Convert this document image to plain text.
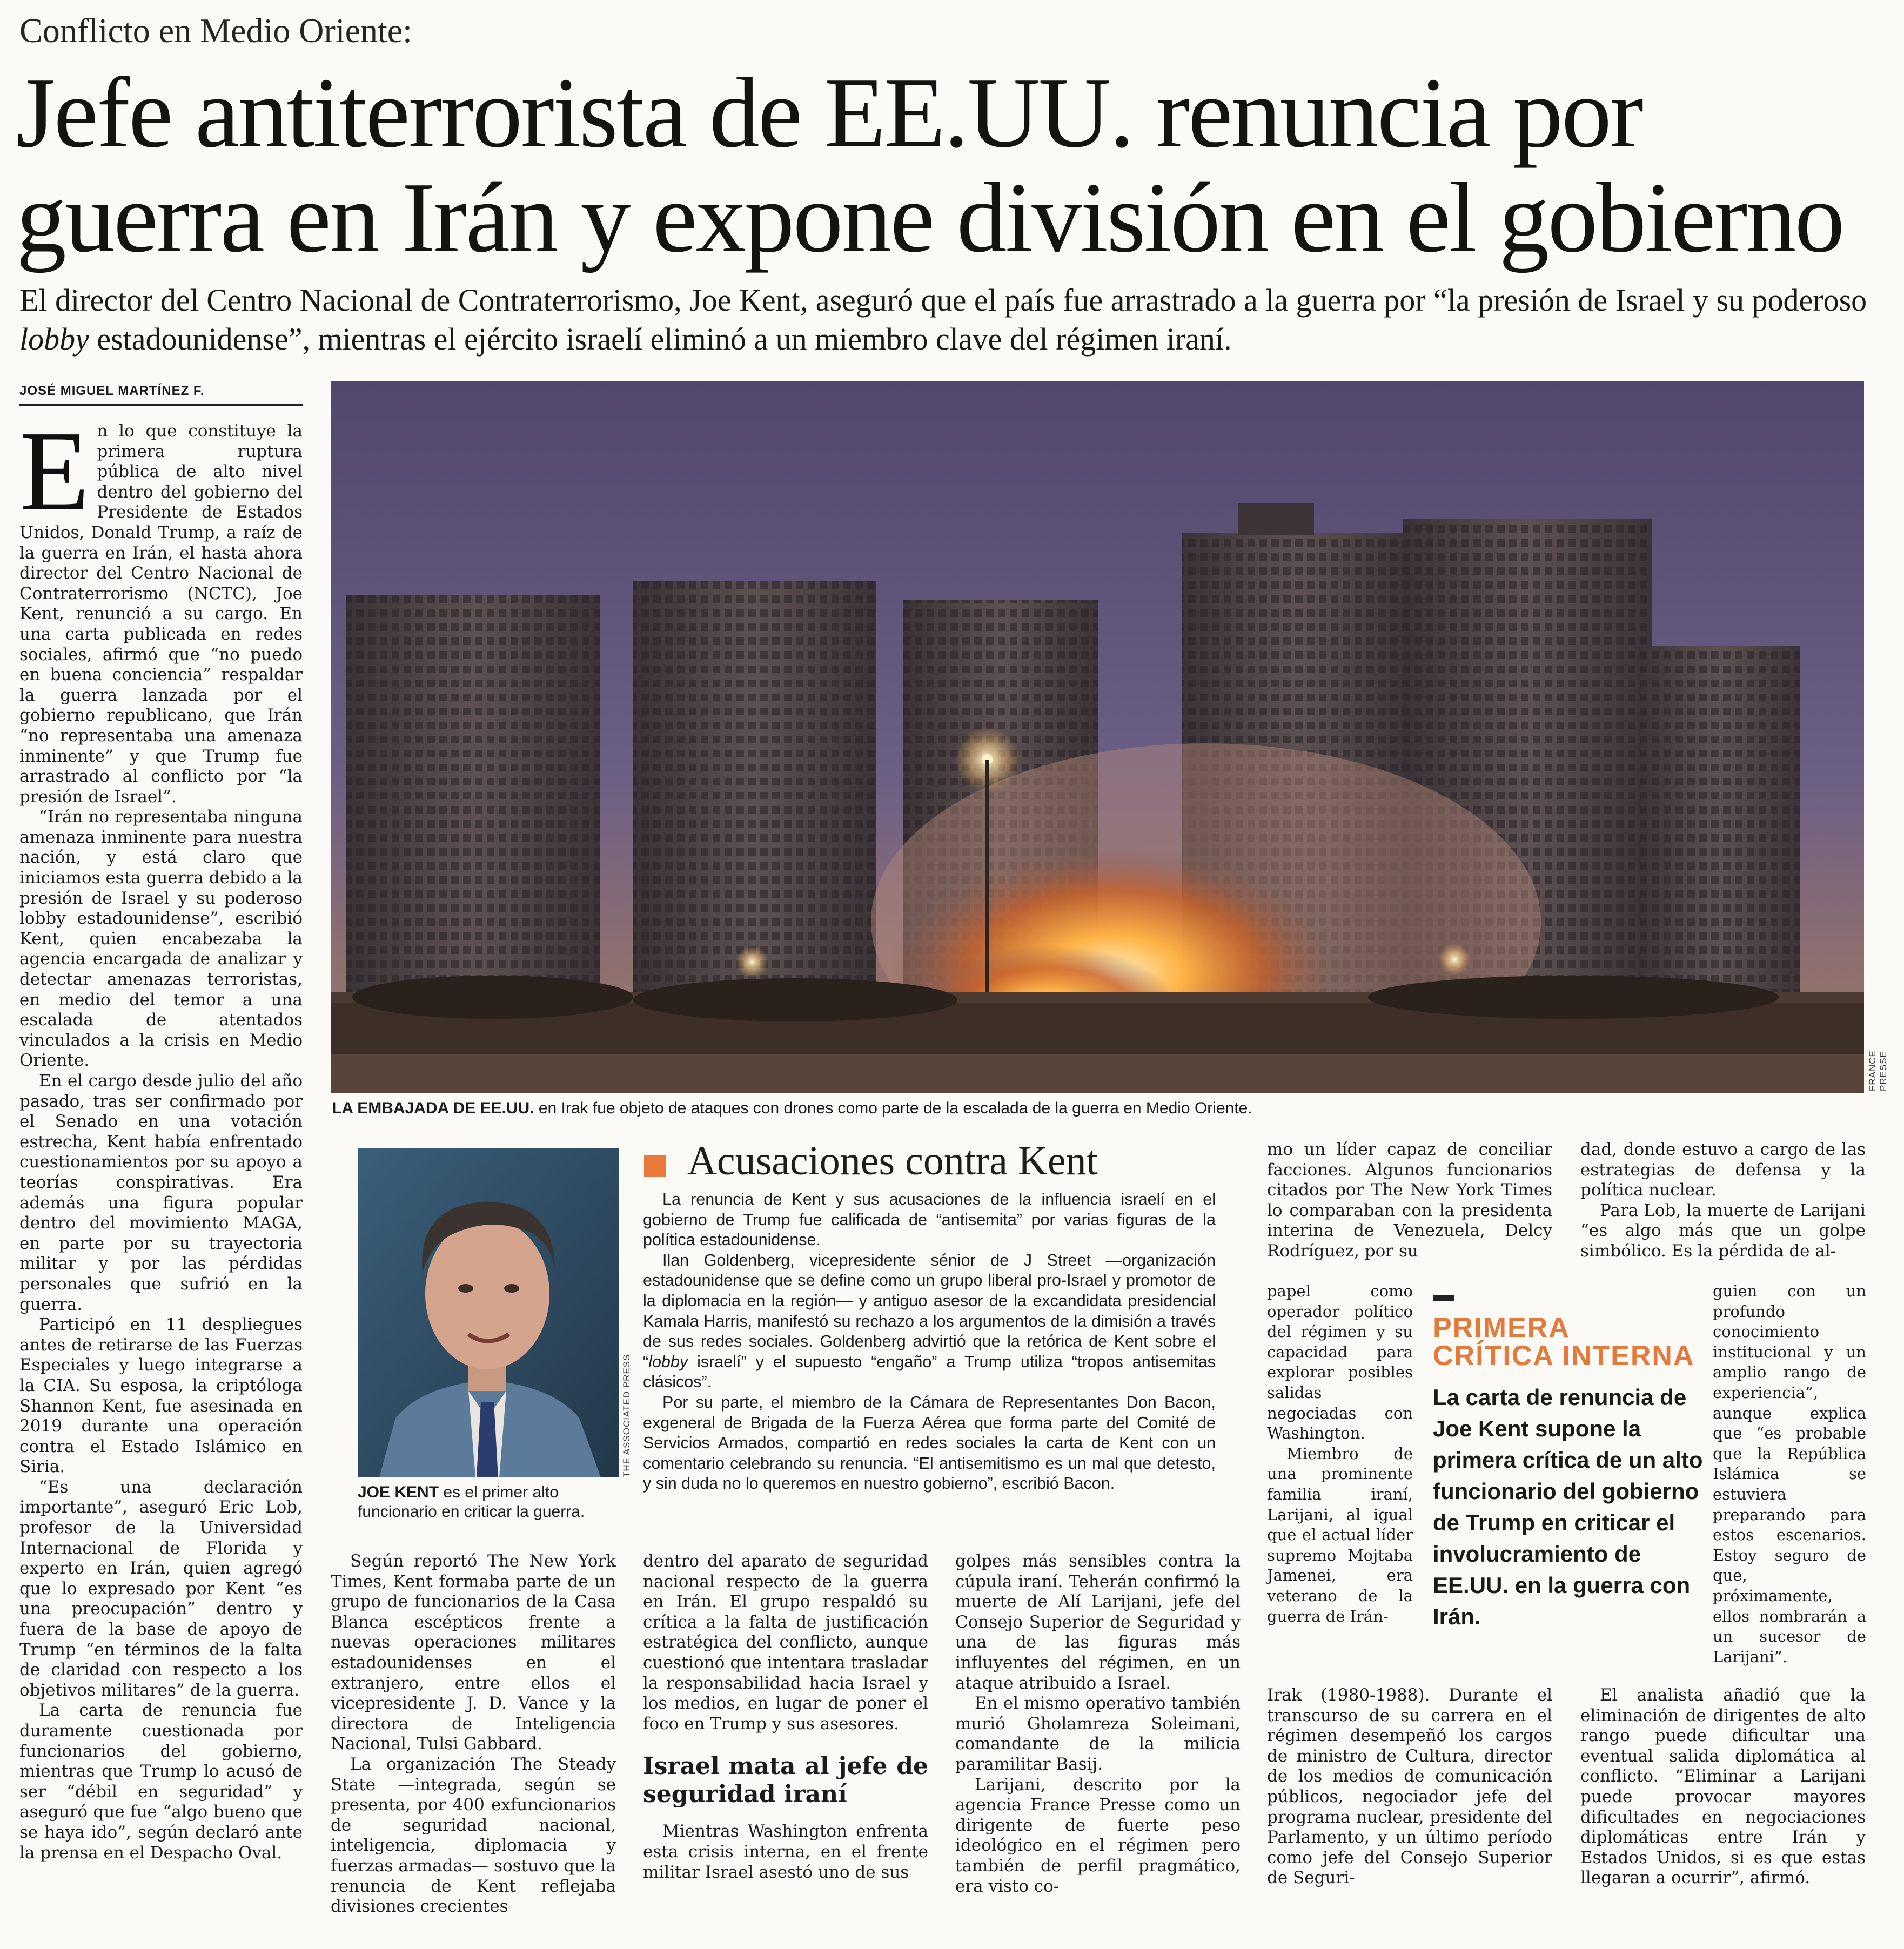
Conflicto en Medio Oriente:
Jefe antiterrorista de EE.UU. renuncia por guerra en Irán y expone división en el gobierno
El director del Centro Nacional de Contraterrorismo, Joe Kent, aseguró que el país fue arrastrado a la guerra por “la presión de Israel y su poderoso lobby estadounidense”, mientras el ejército israelí eliminó a un miembro clave del régimen iraní.
JOSÉ MIGUEL MARTÍNEZ F.

En lo que constituye la primera ruptura pública de alto nivel dentro del gobierno del Presidente de Estados Unidos, Donald Trump, a raíz de la guerra en Irán, el hasta ahora director del Centro Nacional de Contraterrorismo (NCTC), Joe Kent, renunció a su cargo. En una carta publicada en redes sociales, afirmó que “no puedo en buena conciencia” respaldar la guerra lanzada por el gobierno republicano, que Irán “no representaba una amenaza inminente” y que Trump fue arrastrado al conflicto por “la presión de Israel”.

“Irán no representaba ninguna amenaza inminente para nuestra nación, y está claro que iniciamos esta guerra debido a la presión de Israel y su poderoso lobby estadounidense”, escribió Kent, quien encabezaba la agencia encargada de analizar y detectar amenazas terroristas, en medio del temor a una escalada de atentados vinculados a la crisis en Medio Oriente.

En el cargo desde julio del año pasado, tras ser confirmado por el Senado en una votación estrecha, Kent había enfrentado cuestionamientos por su apoyo a teorías conspirativas. Era además una figura popular dentro del movimiento MAGA, en parte por su trayectoria militar y por las pérdidas personales que sufrió en la guerra.

Participó en 11 despliegues antes de retirarse de las Fuerzas Especiales y luego integrarse a la CIA. Su esposa, la criptóloga Shannon Kent, fue asesinada en 2019 durante una operación contra el Estado Islámico en Siria.

“Es una declaración importante”, aseguró Eric Lob, profesor de la Universidad Internacional de Florida y experto en Irán, quien agregó que lo expresado por Kent “es una preocupación” dentro y fuera de la base de apoyo de Trump “en términos de la falta de claridad con respecto a los objetivos militares” de la guerra.

La carta de renuncia fue duramente cuestionada por funcionarios del gobierno, mientras que Trump lo acusó de ser “débil en seguridad” y aseguró que fue “algo bueno que se haya ido”, según declaró ante la prensa en el Despacho Oval.

FRANCE PRESSE
LA EMBAJADA DE EE.UU. en Irak fue objeto de ataques con drones como parte de la escalada de la guerra en Medio Oriente.
THE ASSOCIATED PRESS
JOE KENT es el primer alto funcionario en criticar la guerra.
Acusaciones contra Kent

La renuncia de Kent y sus acusaciones de la influencia israelí en el gobierno de Trump fue calificada de “antisemita” por varias figuras de la política estadounidense.

Ilan Goldenberg, vicepresidente sénior de J Street —organización estadounidense que se define como un grupo liberal pro-Israel y promotor de la diplomacia en la región— y antiguo asesor de la excandidata presidencial Kamala Harris, manifestó su rechazo a los argumentos de la dimisión a través de sus redes sociales. Goldenberg advirtió que la retórica de Kent sobre el “lobby israelí” y el supuesto “engaño” a Trump utiliza “tropos antisemitas clásicos”.

Por su parte, el miembro de la Cámara de Representantes Don Bacon, exgeneral de Brigada de la Fuerza Aérea que forma parte del Comité de Servicios Armados, compartió en redes sociales la carta de Kent con un comentario celebrando su renuncia. “El antisemitismo es un mal que detesto, y sin duda no lo queremos en nuestro gobierno”, escribió Bacon.

Según reportó The New York Times, Kent formaba parte de un grupo de funcionarios de la Casa Blanca escépticos frente a nuevas operaciones militares estadounidenses en el extranjero, entre ellos el vicepresidente J. D. Vance y la directora de Inteligencia Nacional, Tulsi Gabbard.

La organización The Steady State —integrada, según se presenta, por 400 exfuncionarios de seguridad nacional, inteligencia, diplomacia y fuerzas armadas— sostuvo que la renuncia de Kent reflejaba divisiones crecientes

dentro del aparato de seguridad nacional respecto de la guerra en Irán. El grupo respaldó su crítica a la falta de justificación estratégica del conflicto, aunque cuestionó que intentara trasladar la responsabilidad hacia Israel y los medios, en lugar de poner el foco en Trump y sus asesores.

Israel mata al jefe de seguridad iraní

Mientras Washington enfrenta esta crisis interna, en el frente militar Israel asestó uno de sus

golpes más sensibles contra la cúpula iraní. Teherán confirmó la muerte de Alí Larijani, jefe del Consejo Superior de Seguridad y una de las figuras más influyentes del régimen, en un ataque atribuido a Israel.

En el mismo operativo también murió Gholamreza Soleimani, comandante de la milicia paramilitar Basij.

Larijani, descrito por la agencia France Presse como un dirigente de fuerte peso ideológico en el régimen pero también de perfil pragmático, era visto co-

mo un líder capaz de conciliar facciones. Algunos funcionarios citados por The New York Times lo comparaban con la presidenta interina de Venezuela, Delcy Rodríguez, por su

papel como operador político del régimen y su capacidad para explorar posibles salidas negociadas con Washington.

Miembro de una prominente familia iraní, Larijani, al igual que el actual líder supremo Mojtaba Jamenei, era veterano de la guerra de Irán-

Irak (1980-1988). Durante el transcurso de su carrera en el régimen desempeñó los cargos de ministro de Cultura, director de los medios de comunicación públicos, negociador jefe del programa nuclear, presidente del Parlamento, y un último período como jefe del Consejo Superior de Seguri-

PRIMERA
CRÍTICA INTERNA
La carta de renuncia de Joe Kent supone la primera crítica de un alto funcionario del gobierno de Trump en criticar el involucramiento de EE.UU. en la guerra con Irán.

dad, donde estuvo a cargo de las estrategias de defensa y la política nuclear.

Para Lob, la muerte de Larijani “es algo más que un golpe simbólico. Es la pérdida de al-

guien con un profundo conocimiento institucional y un amplio rango de experiencia”, aunque explica que “es probable que la República Islámica se estuviera preparando para estos escenarios. Estoy seguro de que, próximamente, ellos nombrarán a un sucesor de Larijani”.

El analista añadió que la eliminación de dirigentes de alto rango puede dificultar una eventual salida diplomática al conflicto. “Eliminar a Larijani puede provocar mayores dificultades en negociaciones diplomáticas entre Irán y Estados Unidos, si es que estas llegaran a ocurrir”, afirmó.
